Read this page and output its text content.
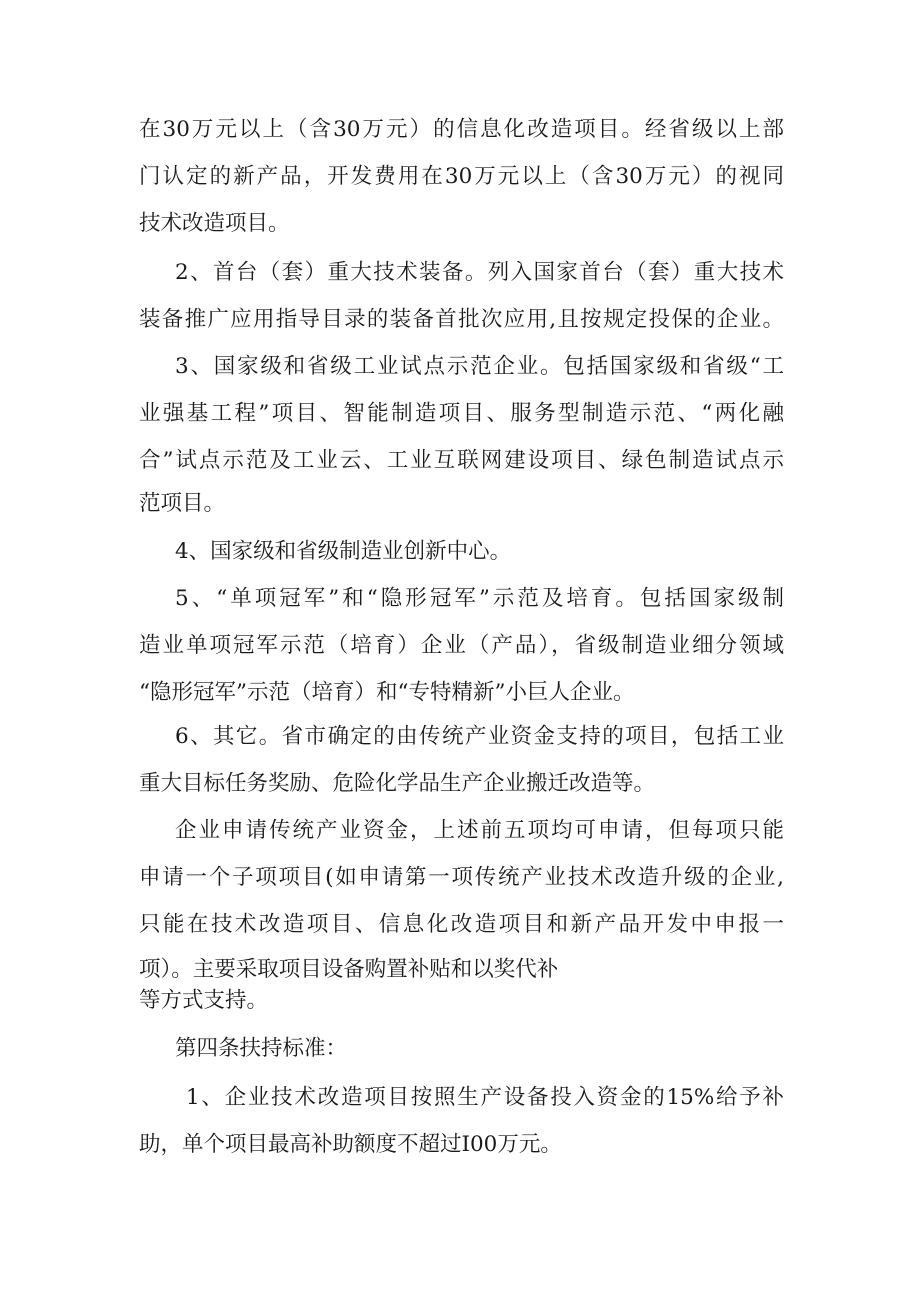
在30万元以上（含30万元）的信息化改造项目。经省级以上部
门认定的新产品，开发费用在30万元以上（含30万元）的视同
技术改造项目。
2、首台（套）重大技术装备。列入国家首台（套）重大技术
装备推广应用指导目录的装备首批次应用,且按规定投保的企业。
3、国家级和省级工业试点示范企业。包括国家级和省级“工
业强基工程”项目、智能制造项目、服务型制造示范、“两化融
合”试点示范及工业云、工业互联网建设项目、绿色制造试点示
范项目。
4、国家级和省级制造业创新中心。
5、“单项冠军”和“隐形冠军”示范及培育。包括国家级制
造业单项冠军示范（培育）企业（产品），省级制造业细分领域
“隐形冠军”示范（培育）和“专特精新”小巨人企业。
6、其它。省市确定的由传统产业资金支持的项目，包括工业
重大目标任务奖励、危险化学品生产企业搬迁改造等。
企业申请传统产业资金，上述前五项均可申请，但每项只能
申请一个子项项目(如申请第一项传统产业技术改造升级的企业,
只能在技术改造项目、信息化改造项目和新产品开发中申报一
项）。主要采取项目设备购置补贴和以奖代补
等方式支持。
第四条扶持标准：
1、企业技术改造项目按照生产设备投入资金的15%给予补
助，单个项目最高补助额度不超过I00万元。
